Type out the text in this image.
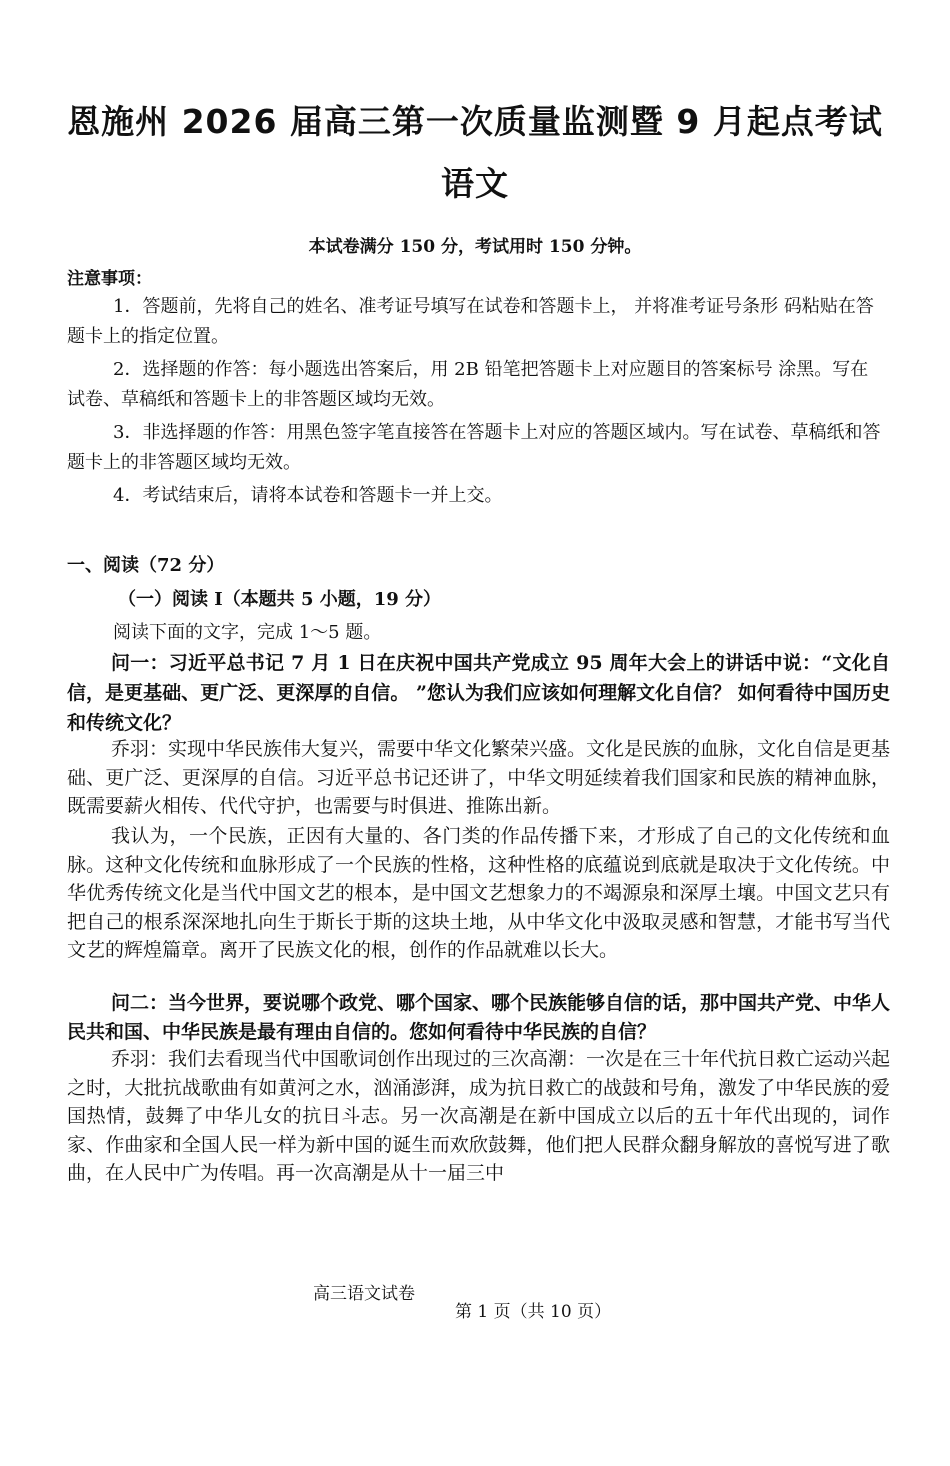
恩施州 2026 届高三第一次质量监测暨 9 月起点考试
语文
本试卷满分 150 分，考试用时 150 分钟。
注意事项：
1．答题前，先将自己的姓名、准考证号填写在试卷和答题卡上， 并将准考证号条形 码粘贴在答题卡上的指定位置。
2．选择题的作答：每小题选出答案后，用 2B 铅笔把答题卡上对应题目的答案标号 涂黑。写在试卷、草稿纸和答题卡上的非答题区域均无效。
3．非选择题的作答：用黑色签字笔直接答在答题卡上对应的答题区域内。写在试卷、草稿纸和答题卡上的非答题区域均无效。
4．考试结束后，请将本试卷和答题卡一并上交。
一、阅读（72 分）
（一）阅读 I（本题共 5 小题，19 分）
阅读下面的文字，完成 1～5 题。
问一：习近平总书记 7 月 1 日在庆祝中国共产党成立 95 周年大会上的讲话中说：“文化自信，是更基础、更广泛、更深厚的自信。 ”您认为我们应该如何理解文化自信？ 如何看待中国历史和传统文化？
乔羽：实现中华民族伟大复兴，需要中华文化繁荣兴盛。文化是民族的血脉，文化自信是更基础、更广泛、更深厚的自信。习近平总书记还讲了，中华文明延续着我们国家和民族的精神血脉，既需要薪火相传、代代守护，也需要与时俱进、推陈出新。
我认为，一个民族，正因有大量的、各门类的作品传播下来，才形成了自己的文化传统和血脉。这种文化传统和血脉形成了一个民族的性格，这种性格的底蕴说到底就是取决于文化传统。中华优秀传统文化是当代中国文艺的根本，是中国文艺想象力的不竭源泉和深厚土壤。中国文艺只有把自己的根系深深地扎向生于斯长于斯的这块土地，从中华文化中汲取灵感和智慧，才能书写当代文艺的辉煌篇章。离开了民族文化的根，创作的作品就难以长大。
问二：当今世界，要说哪个政党、哪个国家、哪个民族能够自信的话，那中国共产党、中华人民共和国、中华民族是最有理由自信的。您如何看待中华民族的自信？
乔羽：我们去看现当代中国歌词创作出现过的三次高潮：一次是在三十年代抗日救亡运动兴起之时，大批抗战歌曲有如黄河之水，汹涌澎湃，成为抗日救亡的战鼓和号角，激发了中华民族的爱国热情，鼓舞了中华儿女的抗日斗志。另一次高潮是在新中国成立以后的五十年代出现的，词作家、作曲家和全国人民一样为新中国的诞生而欢欣鼓舞，他们把人民群众翻身解放的喜悦写进了歌曲，在人民中广为传唱。再一次高潮是从十一届三中
高三语文试卷
第 1 页（共 10 页）
